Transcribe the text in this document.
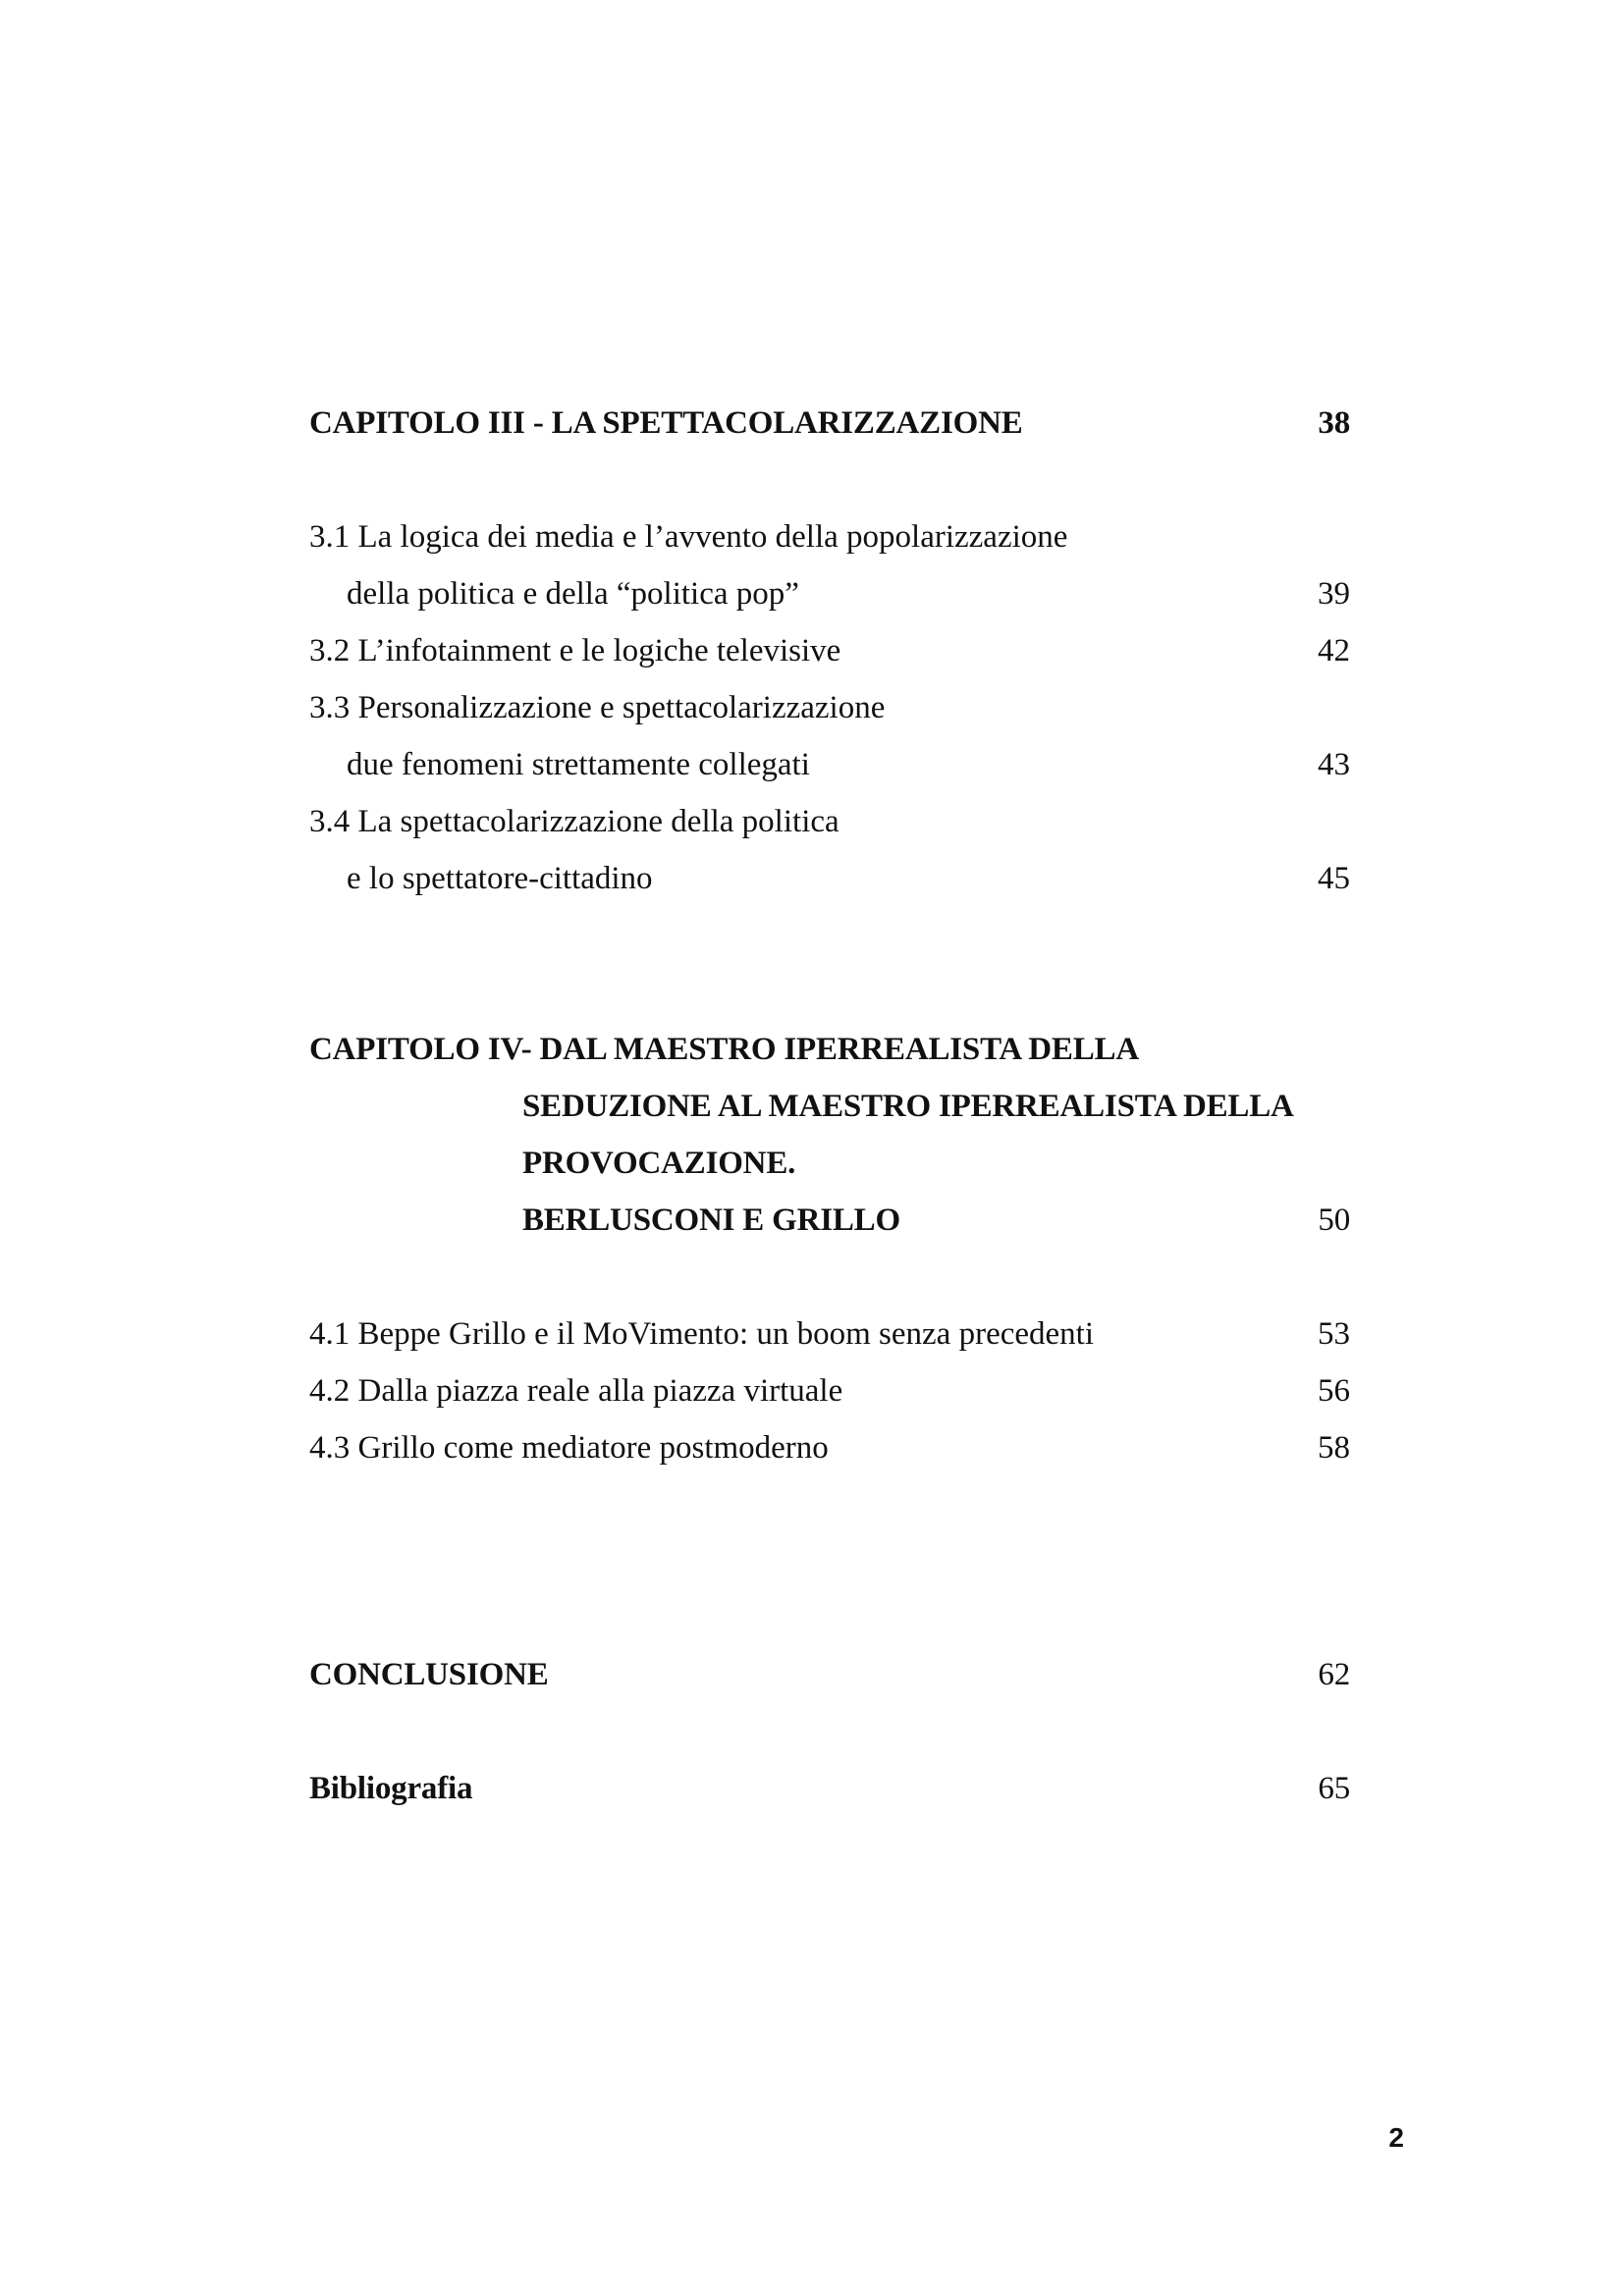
CAPITOLO III - LA SPETTACOLARIZZAZIONE	38
3.1 La logica dei media e l’avvento della popolarizzazione
della politica e della “politica pop”	39
3.2 L’infotainment e le logiche televisive	42
3.3 Personalizzazione e spettacolarizzazione
due fenomeni strettamente collegati	43
3.4 La spettacolarizzazione della politica
e lo spettatore-cittadino	45
CAPITOLO IV- DAL MAESTRO IPERREALISTA DELLA
SEDUZIONE AL MAESTRO IPERREALISTA DELLA
PROVOCAZIONE.
BERLUSCONI E GRILLO	50
4.1 Beppe Grillo e il MoVimento: un boom senza precedenti	53
4.2 Dalla piazza reale alla piazza virtuale	56
4.3 Grillo come mediatore postmoderno	58
CONCLUSIONE	62
Bibliografia	65
2
